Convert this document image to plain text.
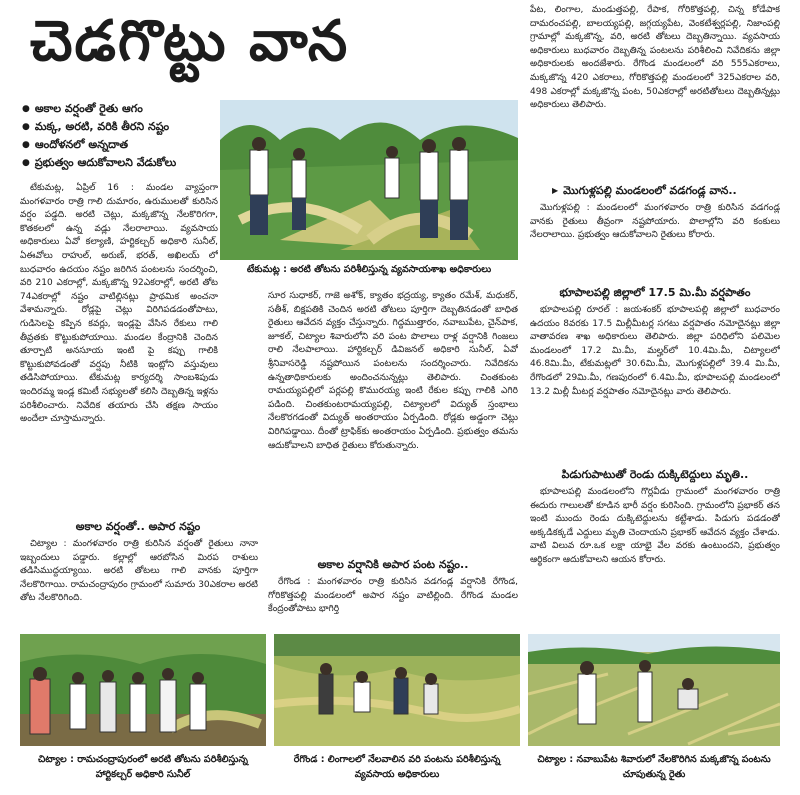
చెడగొట్టు వాన
● అకాల వర్షంతో రైతు ఆగం
● మక్క, అరటి, వరికి తీరని నష్టం
● ఆందోళనలో అన్నదాత
● ప్రభుత్వం ఆదుకోవాలని వేడుకోలు
టేకుమట్ల : అరటి తోటను పరిశీలిస్తున్న వ్యవసాయశాఖ అధికారులు

టేకుమట్ల, ఏప్రిల్ 16 : మండల వ్యాప్తంగా మంగళవారం రాత్రి గాలి దుమారం, ఉరుములతో కురిసిన వర్షం పడ్డది. అరటి చెట్లు, మక్కజొన్న నేలకొరిగగా, కొతకలలో ఉన్న వడ్లు నేలరాలాయి. వ్యవసాయ అధికారులు ఏవో కల్యాణి, హర్టికల్చర్ అధికారి సునీల్, ఏఈవోలు రాహుల్, అరుణ్, భరత్, అఖిలయ్ లో బుధవారం ఉదయం నష్టం జరిగిన పంటలను సందర్శించి, వరి 210 ఎకరాల్లో, మక్కజొన్న 92ఎకరాల్లో, అరటి తోట 74ఎకరాల్లో నష్టం వాటిల్లినట్లు ప్రాథమిక అంచనా వేశామన్నారు. రోడ్లపై చెట్లు విరిగిపడడంతోపాటు, గుడిసెలపై కప్పిన కవర్లు, ఇండ్లపై వేసిన రేకులు గాలి తీవ్రతకు కొట్టుకుపోయాయి. మండల కేంద్రానికి చెందిన తూర్పాటి అనసూయ ఇంటి పై కప్పు గాలికి కొట్టుకుపోవడంతో వర్షపు నీటికి ఇంట్లోని వస్తువులు తడిసిపోయాయి. టేకుమట్ల కార్యదర్శి సాంబశిపుడు ఇందిరమ్మ ఇండ్ల కమిటీ సభ్యులతో కలిసి దెబ్బతిన్న ఇళ్లను పరిశీలించారు. నివేదిక తయారు చేసి తక్షణ సాయం అందేలా చూస్తామన్నారు.

అకాల వర్షంతో.. అపార నష్టం

చిట్యాల : మంగళవారం రాత్రి కురిసిన వర్షంతో రైతులు నానా ఇబ్బందులు పడ్డారు. కల్లాల్లో ఆరబోసిన మిరప రాశులు తడిసిముద్దయ్యాయి. అరటి తోటలు గాలి వానకు పూర్తిగా నేలకొరిగాయి. రామచంద్రాపురం గ్రామంలో సుమారు 30ఎకరాల అరటి తోట నేలకొరిగింది.

సూర సుధాకర్, గాజె అశోక్, క్యాతం భద్రయ్య, క్యాతం రమేశ్, మధుకర్, సతీశ్, బిక్షపతికి చెందిన అరటి తోటలు పూర్తిగా దెబ్బతినడంతో బాధిత రైతులు ఆవేదన వ్యక్తం చేస్తున్నారు. గిద్దముత్తారం, నవాబుపేట, చైన్‌పాక, జూకల్, చిట్యాల శివారులోని వరి పంట పొలాలు రాళ్ల వర్షానికి గింజలు రాలి నేలపాలాయి. హార్టికల్చర్ డివిజనల్ అధికారి సునీల్, ఏవో శ్రీనివాసరెడ్డి నష్టపోయిన పంటలను సందర్శించారు. నివేదికను ఉన్నతాధికారులకు అందించనున్నట్లు తెలిపారు. చింతకుంట రామయ్యపల్లిలో పర్లపల్లి కొమురయ్య ఇంటి రేకుల కప్పు గాలికి ఎగిరి పడింది. చింతకుంటరామయ్యపల్లి, చిట్యాలలో విద్యుత్ స్తంభాలు నేలకొరగడంతో విద్యుత్ అంతరాయం ఏర్పడింది. రోడ్లకు అడ్డంగా చెట్లు విరిగిపడ్డాయి. దీంతో ట్రాఫిక్‌కు అంతరాయం ఏర్పడింది. ప్రభుత్వం తమను ఆదుకోవాలని బాధిత రైతులు కోరుతున్నారు.

అకాల వర్షానికి అపార పంట నష్టం..

రేగొండ : మంగళవారం రాత్రి కురిసిన వడగండ్ల వర్షానికి రేగొండ, గోరికొత్తపల్లి మండలంలో అపార నష్టం వాటిల్లింది. రేగొండ మండల కేంద్రంతోపాటు భాగిర్తి

పేట, లింగాల, మండుత్తపల్లి, రేపాక, గోరికొత్తపల్లి, చిన్న కోడేపాక దామరంచపల్లి, బాలయ్యపల్లి, జగ్గయ్యపేట, వెంకటేశ్వర్లపల్లి, నిజాంపల్లి గ్రామాల్లో మక్కజొన్న, వరి, అరటి తోటలు దెబ్బతిన్నాయి. వ్యవసాయ అధికారులు బుధవారం దెబ్బతిన్న పంటలను పరిశీలించి నివేదికను జిల్లా అధికారులకు అందజేశారు. రేగొండ మండలంలో వరి 555ఎకరాలు, మక్కజొన్న 420 ఎకరాలు, గోరికొత్తపల్లి మండలంలో 325ఎకరాల వరి, 498 ఎకరాల్లో మక్కజొన్న పంట, 50ఎకరాల్లో అరటితోటలు దెబ్బతిన్నట్లు అధికారులు తెలిపారు.

▶ మొగుళ్లపల్లి మండలంలో వడగండ్ల వాన..

మొగుళ్లపల్లి : మండలంలో మంగళవారం రాత్రి కురిసిన వడగండ్ల వానకు రైతులు తీవ్రంగా నష్టపోయారు. పొలాల్లోని వరి కంకులు నేలరాలాయి. ప్రభుత్వం ఆదుకోవాలని రైతులు కోరారు.

భూపాలపల్లి జిల్లాలో 17.5 మి.మీ వర్షపాతం

భూపాలపల్లి రూరల్ : జయశంకర్ భూపాలపల్లి జిల్లాలో బుధవారం ఉదయం 8వరకు 17.5 మిల్లీమీటర్ల సగటు వర్షపాతం నమోదైనట్లు జిల్లా వాతావరణ శాఖ అధికారులు తెలిపారు. జిల్లా పరిధిలోని పలిమెల మండలంలో 17.2 మి.మీ, మల్హర్‌లో 10.4మి.మీ, చిట్యాలలో 46.8మి.మీ, టేకుమట్లలో 30.6మి.మీ, మొగుళ్లపల్లిలో 39.4 మి.మీ, రేగొండలో 29మి.మీ, గణపురంలో 6.4మి.మీ, భూపాలపల్లి మండలంలో 13.2 మిల్లీ మీటర్ల వర్షపాతం నమోదైనట్లు వారు తెలిపారు.

పిడుగుపాటుతో రెండు దుక్కిటెద్దులు మృతి..

భూపాలపల్లి మండలంలోని గొర్లవీడు గ్రామంలో మంగళవారం రాత్రి ఈదురు గాలులతో కూడిన భారీ వర్షం కురిసింది. గ్రామంలోని ప్రభాకర్ తన ఇంటి ముందు రెండు దుక్కిటెద్దులను కట్టేశాడు. పిడుగు పడడంతో అక్కడికక్కడే ఎద్దులు మృతి చెందాయని ప్రభాకర్ ఆవేదన వ్యక్తం చేశాడు. వాటి విలువ రూ.ఒక లక్షా యాభై వేల వరకు ఉంటుందని, ప్రభుత్వం ఆర్థికంగా ఆదుకోవాలని ఆయన కోరారు.

చిట్యాల : రామచంద్రాపురంలో అరటి తోటను పరిశీలిస్తున్న హార్టికల్చర్ అధికారి సునీల్
రేగొండ : లింగాలలో నేలవాలిన వరి పంటను పరిశీలిస్తున్న వ్యవసాయ అధికారులు
చిట్యాల : నవాబుపేట శివారులో నేలకొరిగిన మక్కజొన్న పంటను చూపుతున్న రైతు
